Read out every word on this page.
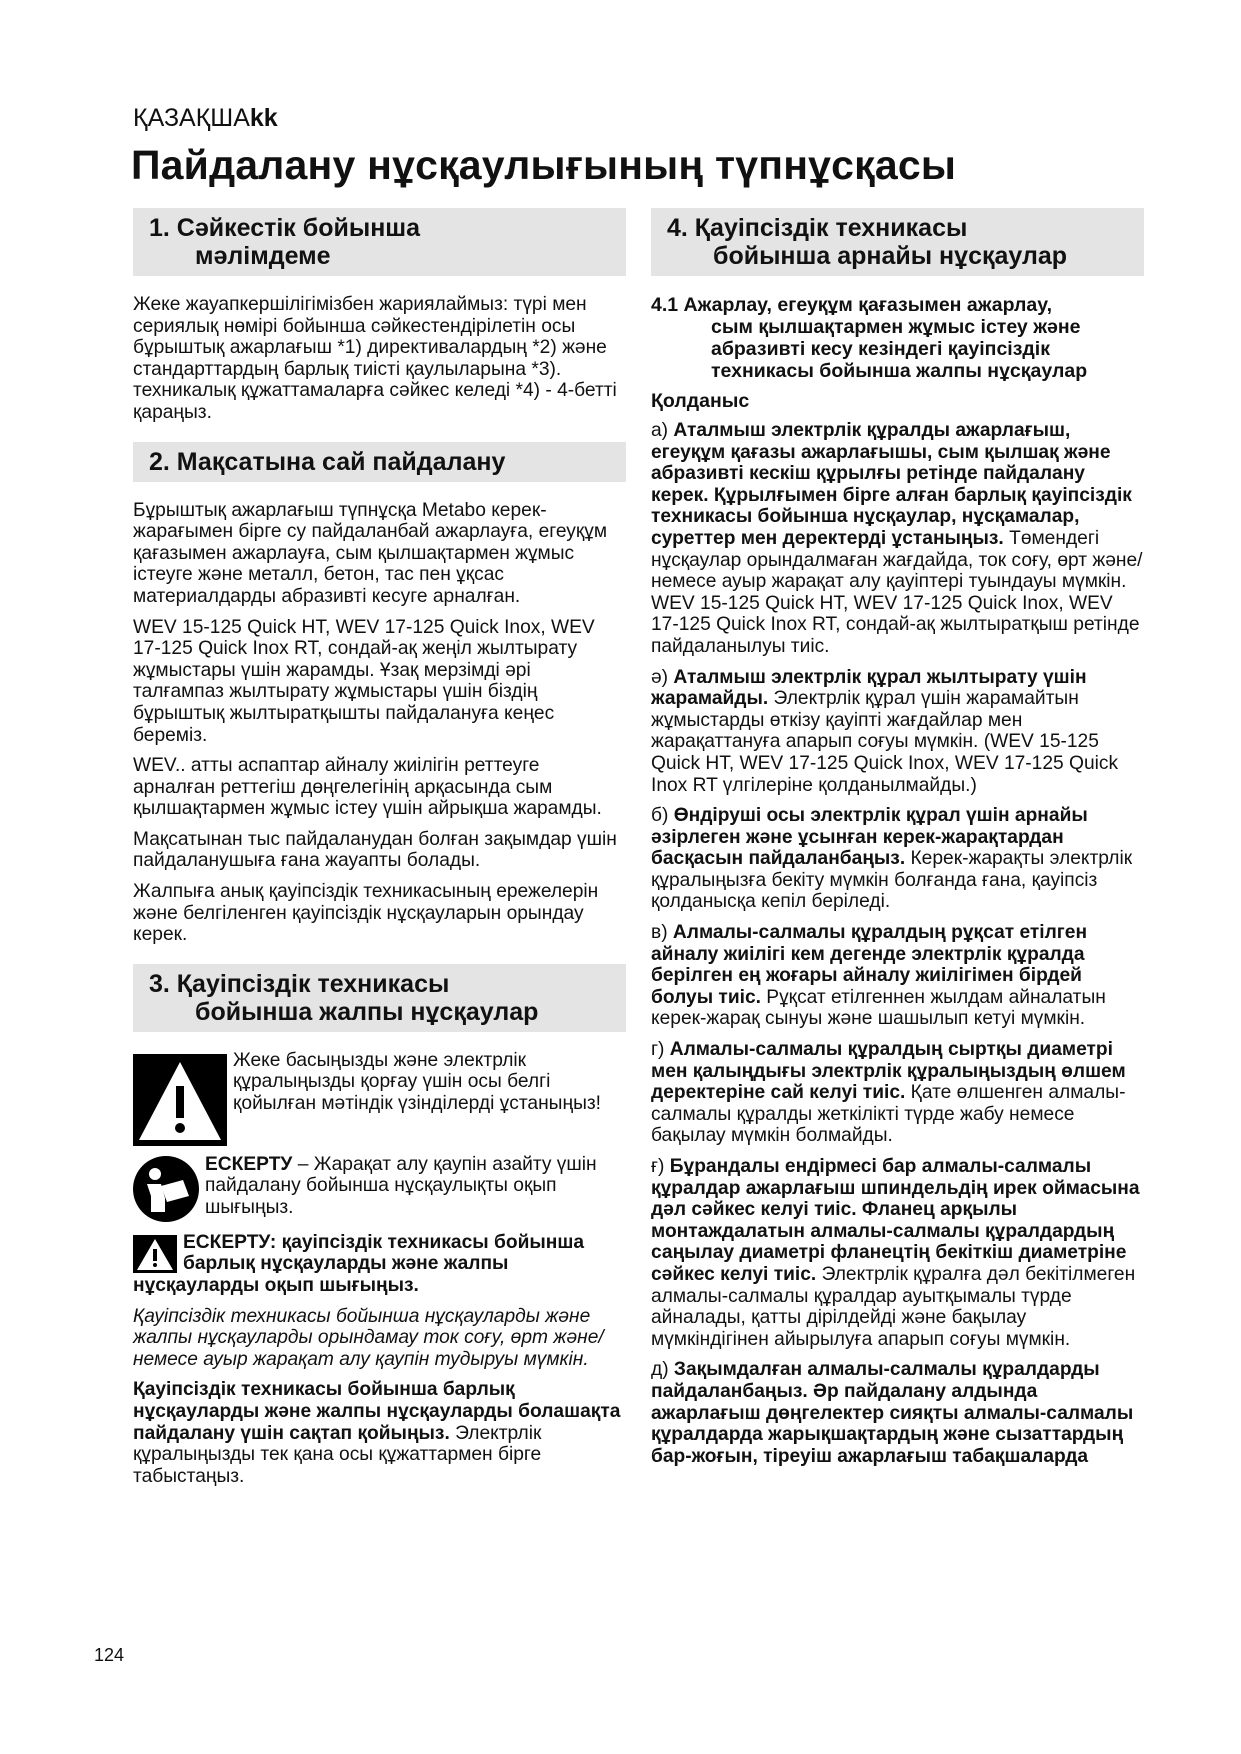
ҚАЗАҚШАkk
Пайдалану нұсқаулығының түпнұсқасы
1. Сәйкестік бойынша
мәлімдеме

Жеке жауапкершілігімізбен жариялаймыз: түрі мен сериялық нөмірі бойынша сәйкестендірілетін осы бұрыштық ажарлағыш *1) директивалардың *2) және стандарттардың барлық тиісті қаулыларына *3). техникалық құжаттамаларға сәйкес келеді *4) - 4-бетті қараңыз.

2. Мақсатына сай пайдалану

Бұрыштық ажарлағыш түпнұсқа Metabo керек-жарағымен бірге су пайдаланбай ажарлауға, егеуқұм қағазымен ажарлауға, сым қылшақтармен жұмыс істеуге және металл, бетон, тас пен ұқсас материалдарды абразивті кесуге арналған.

WEV 15-125 Quick HT, WEV 17-125 Quick Inox, WEV 17-125 Quick Inox RT, сондай-ақ жеңіл жылтырату жұмыстары үшін жарамды. Ұзақ мерзімді әрі талғампаз жылтырату жұмыстары үшін біздің бұрыштық жылтыратқышты пайдалануға кеңес береміз.

WEV.. атты аспаптар айналу жиілігін реттеуге арналған реттегіш дөңгелегінің арқасында сым қылшақтармен жұмыс істеу үшін айрықша жарамды.

Мақсатынан тыс пайдаланудан болған зақымдар үшін пайдаланушыға ғана жауапты болады.

Жалпыға анық қауіпсіздік техникасының ережелерін және белгіленген қауіпсіздік нұсқауларын орындау керек.

3. Қауіпсіздік техникасы
бойынша жалпы нұсқаулар

Жеке басыңызды және электрлік құралыңызды қорғау үшін осы белгі қойылған мәтіндік үзінділерді ұстаныңыз!

ЕСКЕРТУ – Жарақат алу қаупін азайту үшін пайдалану бойынша нұсқаулықты оқып шығыңыз.

ЕСКЕРТУ: қауіпсіздік техникасы бойынша барлық нұсқауларды және жалпы нұсқауларды оқып шығыңыз.

Қауіпсіздік техникасы бойынша нұсқауларды және жалпы нұсқауларды орындамау ток соғу, өрт және/немесе ауыр жарақат алу қаупін тудыруы мүмкін.

Қауіпсіздік техникасы бойынша барлық нұсқауларды және жалпы нұсқауларды болашақта пайдалану үшін сақтап қойыңыз. Электрлік құралыңызды тек қана осы құжаттармен бірге табыстаңыз.

4. Қауіпсіздік техникасы
бойынша арнайы нұсқаулар
4.1 Ажарлау, егеуқұм қағазымен ажарлау,
сым қылшақтармен жұмыс істеу және абразивті кесу кезіндегі қауіпсіздік техникасы бойынша жалпы нұсқаулар
Қолданыс

а) Аталмыш электрлік құралды ажарлағыш, егеуқұм қағазы ажарлағышы, сым қылшақ және абразивті кескіш құрылғы ретінде пайдалану керек. Құрылғымен бірге алған барлық қауіпсіздік техникасы бойынша нұсқаулар, нұсқамалар, суреттер мен деректерді ұстаныңыз. Төмендегі нұсқаулар орындалмаған жағдайда, ток соғу, өрт және/немесе ауыр жарақат алу қауіптері туындауы мүмкін. WEV 15-125 Quick HT, WEV 17-125 Quick Inox, WEV 17-125 Quick Inox RT, сондай-ақ жылтыратқыш ретінде пайдаланылуы тиіс.

ә) Аталмыш электрлік құрал жылтырату үшін жарамайды. Электрлік құрал үшін жарамайтын жұмыстарды өткізу қауіпті жағдайлар мен жарақаттануға апарып соғуы мүмкін. (WEV 15-125 Quick HT, WEV 17-125 Quick Inox, WEV 17-125 Quick Inox RT үлгілеріне қолданылмайды.)

б) Өндіруші осы электрлік құрал үшін арнайы әзірлеген және ұсынған керек-жарақтардан басқасын пайдаланбаңыз. Керек-жарақты электрлік құралыңызға бекіту мүмкін болғанда ғана, қауіпсіз қолданысқа кепіл беріледі.

в) Алмалы-салмалы құралдың рұқсат етілген айналу жиілігі кем дегенде электрлік құралда берілген ең жоғары айналу жиілігімен бірдей болуы тиіс. Рұқсат етілгеннен жылдам айналатын керек-жарақ сынуы және шашылып кетуі мүмкін.

г) Алмалы-салмалы құралдың сыртқы диаметрі мен қалыңдығы электрлік құралыңыздың өлшем деректеріне сай келуі тиіс. Қате өлшенген алмалы-салмалы құралды жеткілікті түрде жабу немесе бақылау мүмкін болмайды.

ғ) Бұрандалы ендірмесі бар алмалы-салмалы құралдар ажарлағыш шпиндельдің ирек оймасына дәл сәйкес келуі тиіс. Фланец арқылы монтаждалатын алмалы-салмалы құралдардың саңылау диаметрі фланецтің бекіткіш диаметріне сәйкес келуі тиіс. Электрлік құралға дәл бекітілмеген алмалы-салмалы құралдар ауытқымалы түрде айналады, қатты дірілдейді және бақылау мүмкіндігінен айырылуға апарып соғуы мүмкін.

д) Зақымдалған алмалы-салмалы құралдарды пайдаланбаңыз. Әр пайдалану алдында ажарлағыш дөңгелектер сияқты алмалы-салмалы құралдарда жарықшақтардың және сызаттардың бар-жоғын, тіреуіш ажарлағыш табақшаларда

124
